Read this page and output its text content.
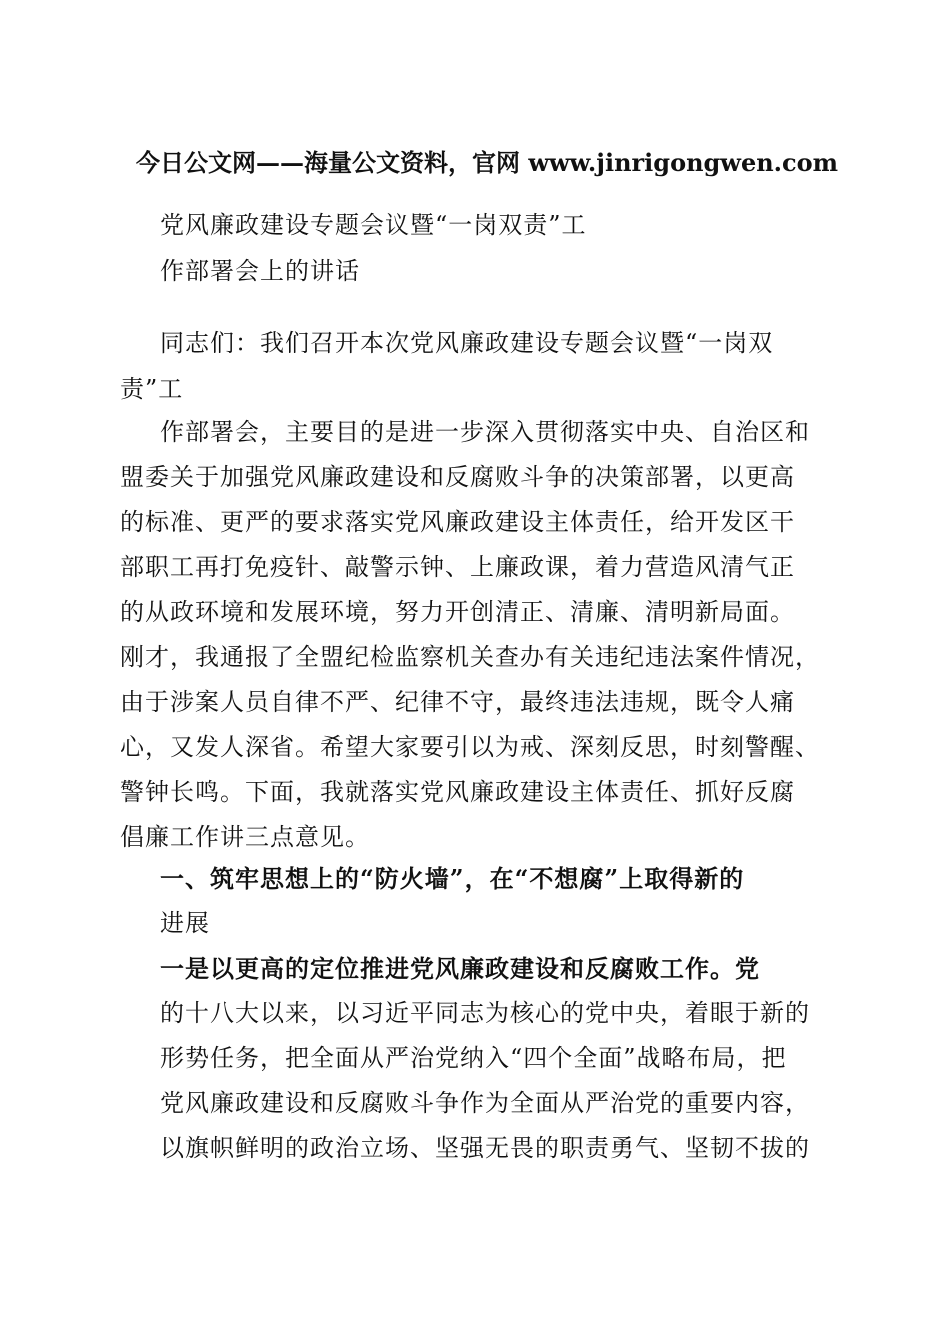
今日公文网——海量公文资料，官网 www.jinrigongwen.com
党风廉政建设专题会议暨“一岗双责”工
作部署会上的讲话
同志们：我们召开本次党风廉政建设专题会议暨“一岗双
责”工
作部署会，主要目的是进一步深入贯彻落实中央、自治区和
盟委关于加强党风廉政建设和反腐败斗争的决策部署，以更高
的标准、更严的要求落实党风廉政建设主体责任，给开发区干
部职工再打免疫针、敲警示钟、上廉政课，着力营造风清气正
的从政环境和发展环境，努力开创清正、清廉、清明新局面。
刚才，我通报了全盟纪检监察机关查办有关违纪违法案件情况，
由于涉案人员自律不严、纪律不守，最终违法违规，既令人痛
心，又发人深省。希望大家要引以为戒、深刻反思，时刻警醒、
警钟长鸣。下面，我就落实党风廉政建设主体责任、抓好反腐
倡廉工作讲三点意见。
一、筑牢思想上的“防火墙”，在“不想腐”上取得新的
进展
一是以更高的定位推进党风廉政建设和反腐败工作。党
的十八大以来，以习近平同志为核心的党中央，着眼于新的
形势任务，把全面从严治党纳入“四个全面”战略布局，把
党风廉政建设和反腐败斗争作为全面从严治党的重要内容，
以旗帜鲜明的政治立场、坚强无畏的职责勇气、坚韧不拔的
